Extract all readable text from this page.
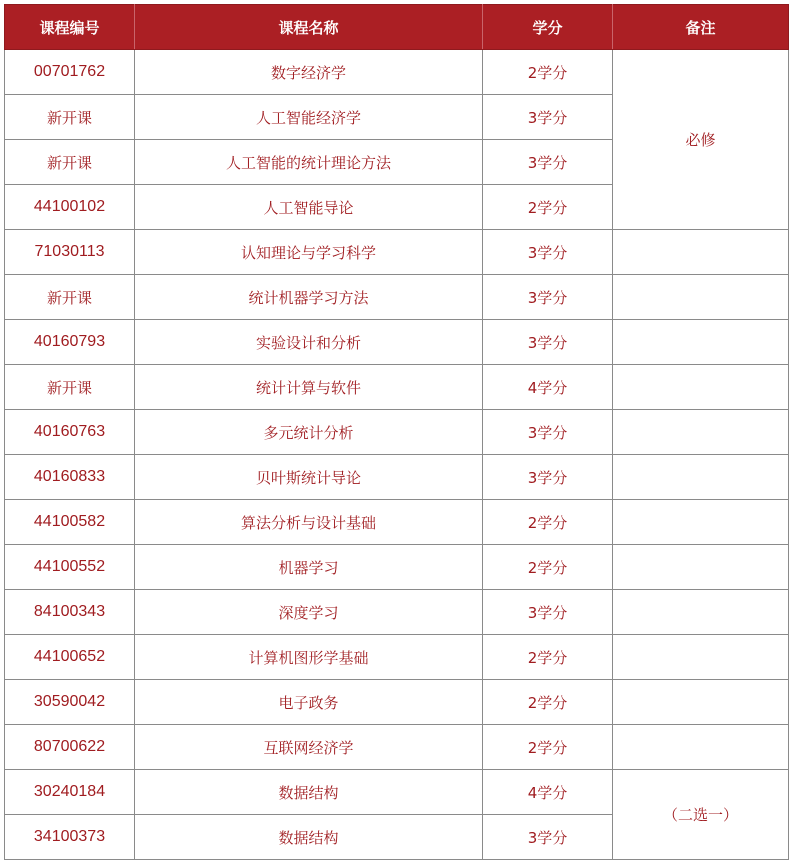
课程编号	课程名称	学分	备注
00701762	数字经济学	2学分	必修
新开课	人工智能经济学	3学分	
新开课	人工智能的统计理论方法	3学分	
44100102	人工智能导论	2学分	
71030113	认知理论与学习科学	3学分	
新开课	统计机器学习方法	3学分	
40160793	实验设计和分析	3学分	
新开课	统计计算与软件	4学分	
40160763	多元统计分析	3学分	
40160833	贝叶斯统计导论	3学分	
44100582	算法分析与设计基础	2学分	
44100552	机器学习	2学分	
84100343	深度学习	3学分	
44100652	计算机图形学基础	2学分	
30590042	电子政务	2学分	
80700622	互联网经济学	2学分	
30240184	数据结构	4学分	（二选一）
34100373	数据结构	3学分	
